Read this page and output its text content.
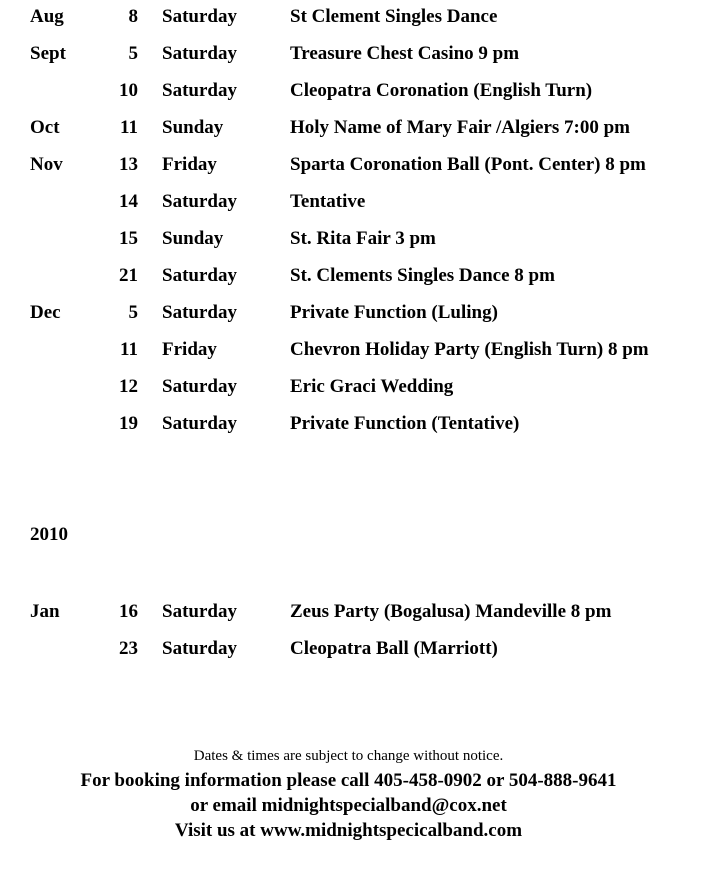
Aug	8 Saturday	St Clement Singles Dance
Sept	5 Saturday	Treasure Chest Casino 9 pm
10 Saturday	Cleopatra Coronation (English Turn)
Oct	11 Sunday	Holy Name of Mary Fair /Algiers 7:00 pm
Nov	13 Friday	Sparta Coronation Ball (Pont. Center) 8 pm
14 Saturday	Tentative
15 Sunday	St. Rita Fair 3 pm
21 Saturday	St. Clements Singles Dance 8 pm
Dec	5 Saturday	Private Function (Luling)
11 Friday	Chevron Holiday Party (English Turn) 8 pm
12 Saturday	Eric Graci Wedding
19 Saturday	Private Function (Tentative)
2010
Jan	16 Saturday	Zeus Party (Bogalusa) Mandeville 8 pm
23 Saturday	Cleopatra Ball (Marriott)
Dates & times are subject to change without notice.
For booking information please call 405-458-0902 or 504-888-9641
or email midnightspecialband@cox.net
Visit us at www.midnightspecicalband.com
